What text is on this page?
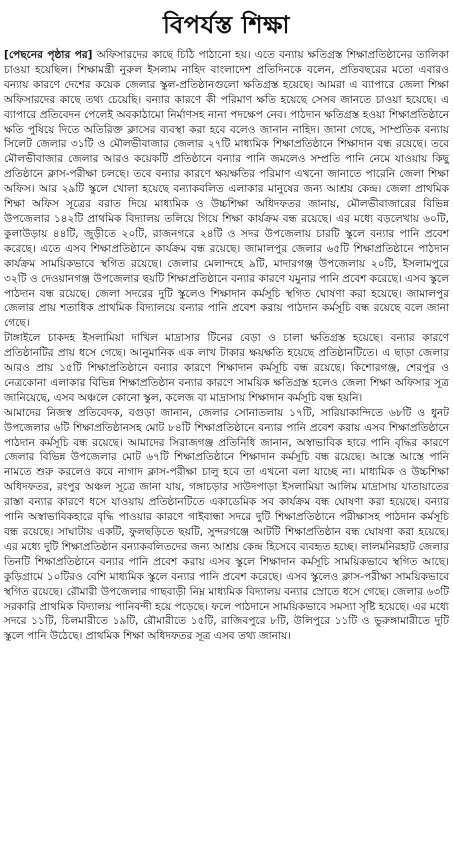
বিপর্যস্ত শিক্ষা

[পেছনের পৃষ্ঠার পর] অফিসারদের কাছে চিঠি পাঠানো হয়। এতে বন্যায় ক্ষতিগ্রস্ত শিক্ষাপ্রতিষ্ঠানের তালিকা চাওয়া হয়েছিল। শিক্ষামন্ত্রী নুরুল ইসলাম নাহিদ বাংলাদেশ প্রতিদিনকে বলেন, প্রতিবছরের মতো এবারও বন্যায় কারণে দেশের কয়েক জেলার স্কুল-প্রতিষ্ঠানগুলো ক্ষতিগ্রস্ত হয়েছে। আমরা এ ব্যাপারে জেলা শিক্ষা অফিসারদের কাছে তথ্য চেয়েছি। বন্যার কারণে কী পরিমাণ ক্ষতি হয়েছে সেসব জানতে চাওয়া হয়েছে। এ ব্যাপারে প্রতিবেদন পেলেই অবকাঠামো নির্মাণসহ নানা পদক্ষেপ নেব। পাঠদান ক্ষতিগ্রস্ত হওয়া শিক্ষাপ্রতিষ্ঠানে ক্ষতি পুষিয়ে দিতে অতিরিক্ত ক্লাসের ব্যবস্থা করা হবে বলেও জানান নাহিদ। জানা গেছে, সাম্প্রতিক বন্যায় সিলেট জেলার ৩১টি ও মৌলভীবাজার জেলার ২৭টি মাধ্যমিক শিক্ষাপ্রতিষ্ঠানে শিক্ষাদান বন্ধ রয়েছে। তবে মৌলভীবাজার জেলার আরও কয়েকটি প্রতিষ্ঠানে বন্যার পানি জমলেও সম্প্রতি পানি নেমে যাওয়ায় কিছু প্রতিষ্ঠানে ক্লাস-পরীক্ষা চলছে। তবে বন্যার কারণে ক্ষয়ক্ষতির পরিমাণ এখনো জানাতে পারেনি জেলা শিক্ষা অফিস। আর ২৯টি স্কুলে খোলা হয়েছে বন্যাকবলিত এলাকার মানুষের জন্য আশ্রয় কেন্দ্র। জেলা প্রাথমিক শিক্ষা অফিস সূত্রের বরাত দিয়ে মাধ্যমিক ও উচ্চশিক্ষা অধিদফতর জানায়, মৌলভীবাজারের বিভিন্ন উপজেলার ১৪২টি প্রাথমিক বিদ্যালয় তলিয়ে গিয়ে শিক্ষা কার্যক্রম বন্ধ রয়েছে। এর মধ্যে বড়লেখায় ৬০টি, কুলাউড়ায় ৪৪টি, জুড়ীতে ২০টি, রাজনগরে ২৪টি ও সদর উপজেলায় চারটি স্কুলে বন্যার পানি প্রবেশ করেছে। এতে এসব শিক্ষাপ্রতিষ্ঠানে কার্যক্রম বন্ধ রয়েছে। জামালপুর জেলার ৬৫টি শিক্ষাপ্রতিষ্ঠানে পাঠদান কার্যক্রম সাময়িকভাবে স্থগিত রয়েছে। জেলার মেলান্দহে ৯টি, মাদারগঞ্জ উপজেলায় ২০টি, ইসলামপুরে ৩২টি ও দেওয়ানগঞ্জ উপজেলার ছয়টি শিক্ষাপ্রতিষ্ঠানে বন্যার কারণে যমুনার পানি প্রবেশ করেছে। এসব স্কুলে পাঠদান বন্ধ রয়েছে। জেলা সদরের দুটি স্কুলেও শিক্ষাদান কর্মসূচি স্থগিত ঘোষণা করা হয়েছে। জামালপুর জেলার প্রায় শতাধিক প্রাথমিক বিদ্যালয়ে বন্যার পানি প্রবেশ করায় পাঠদান কর্মসূচি বন্ধ রয়েছে বলে জানা গেছে।

টাঙ্গাইলে চাকদহ ইসলামিয়া দাখিল মাদ্রাসার টিনের বেড়া ও চালা ক্ষতিগ্রস্ত হয়েছে। বন্যার কারণে প্রতিষ্ঠানটির প্রায় ধসে গেছে। আনুমানিক এক লাখ টাকার ক্ষয়ক্ষতি হয়েছে প্রতিষ্ঠানটিতে। এ ছাড়া জেলার আরও প্রায় ১৫টি শিক্ষাপ্রতিষ্ঠানে বন্যার কারণে শিক্ষাদান কর্মসূচি বন্ধ রয়েছে। কিশোরগঞ্জ, শেরপুর ও নেত্রকোনা এলাকার বিভিন্ন শিক্ষাপ্রতিষ্ঠান বন্যার কারণে সাময়িক ক্ষতিগ্রস্ত হলেও জেলা শিক্ষা অফিসার সূত্র জানিয়েছে, এসব অঞ্চলে কোনো স্কুল, কলেজ বা মাদ্রাসায় শিক্ষাদান কর্মসূচি বন্ধ হয়নি।

আমাদের নিজস্ব প্রতিবেদক, বগুড়া জানান, জেলার সোনাতলায় ১৭টি, সারিয়াকান্দিতে ৬৮টি ও ধুনট উপজেলার ৬টি শিক্ষাপ্রতিষ্ঠানসহ মোট ৮৪টি শিক্ষাপ্রতিষ্ঠানে বন্যার পানি প্রবেশ করায় এসব শিক্ষাপ্রতিষ্ঠানে পাঠদান কর্মসূচি বন্ধ রয়েছে। আমাদের সিরাজগঞ্জ প্রতিনিধি জানান, অস্বাভাবিক হারে পানি বৃদ্ধির কারণে জেলার বিভিন্ন উপজেলার মোট ৬৭টি শিক্ষাপ্রতিষ্ঠানে শিক্ষাদান কর্মসূচি বন্ধ রয়েছে। আস্তে আস্তে পানি নামতে শুরু করলেও কবে নাগাদ ক্লাস-পরীক্ষা চালু হবে তা এখনো বলা যাচ্ছে না। মাধ্যমিক ও উচ্চশিক্ষা অধিদফতর, রংপুর অঞ্চল সূত্রে জানা যায়, গঙ্গাচড়ার সাউদপাড়া ইসলামিয়া আলিম মাদ্রাসায় যাতায়াতের রাস্তা বন্যার কারণে ধসে যাওয়ায় প্রতিষ্ঠানটিতে একাডেমিক সব কার্যক্রম বন্ধ ঘোষণা করা হয়েছে। বন্যার পানি অস্বাভাবিকহারে বৃদ্ধি পাওয়ার কারণে গাইবান্ধা সদরে দুটি শিক্ষাপ্রতিষ্ঠানে পরীক্ষাসহ পাঠদান কর্মসূচি বন্ধ রয়েছে। সাঘাটায় একটি, ফুলছড়িতে ছয়টি, সুন্দরগঞ্জে আটটি শিক্ষাপ্রতিষ্ঠান বন্ধ ঘোষণা করা হয়েছে। এর মধ্যে দুটি শিক্ষাপ্রতিষ্ঠান বন্যাকবলিতদের জন্য আশ্রয় কেন্দ্র হিসেবে ব্যবহৃত হচ্ছে। লালমনিরহাট জেলার তিনটি শিক্ষাপ্রতিষ্ঠানে বন্যার পানি প্রবেশ করায় এসব স্কুলে শিক্ষাদান কর্মসূচি সাময়িকভাবে স্থগিত আছে। কুড়িগ্রামে ১০টিরও বেশি মাধ্যমিক স্কুলে বন্যার পানি প্রবেশ করেছে। এসব স্কুলেও ক্লাস-পরীক্ষা সাময়িকভাবে স্থগিত রয়েছে। রৌমারী উপজেলার গাছবাড়ী নিম্ন মাধ্যমিক বিদ্যালয় বন্যার স্রোতে ধসে গেছে। জেলার ৬৩টি সরকারি প্রাথমিক বিদ্যালয় পানিবন্দী হয়ে পড়েছে। ফলে পাঠদানে সাময়িকভাবে সমস্যা সৃষ্টি হয়েছে। এর মধ্যে সদরে ১১টি, চিলমারীতে ১৯টি, রৌমারীতে ১৫টি, রাজিবপুরে ৮টি, উলিপুরে ১১টি ও ভুরুঙ্গামারীতে দুটি স্কুলে পানি উঠেছে। প্রাথমিক শিক্ষা অধিদফতর সূত্র এসব তথ্য জানায়।
